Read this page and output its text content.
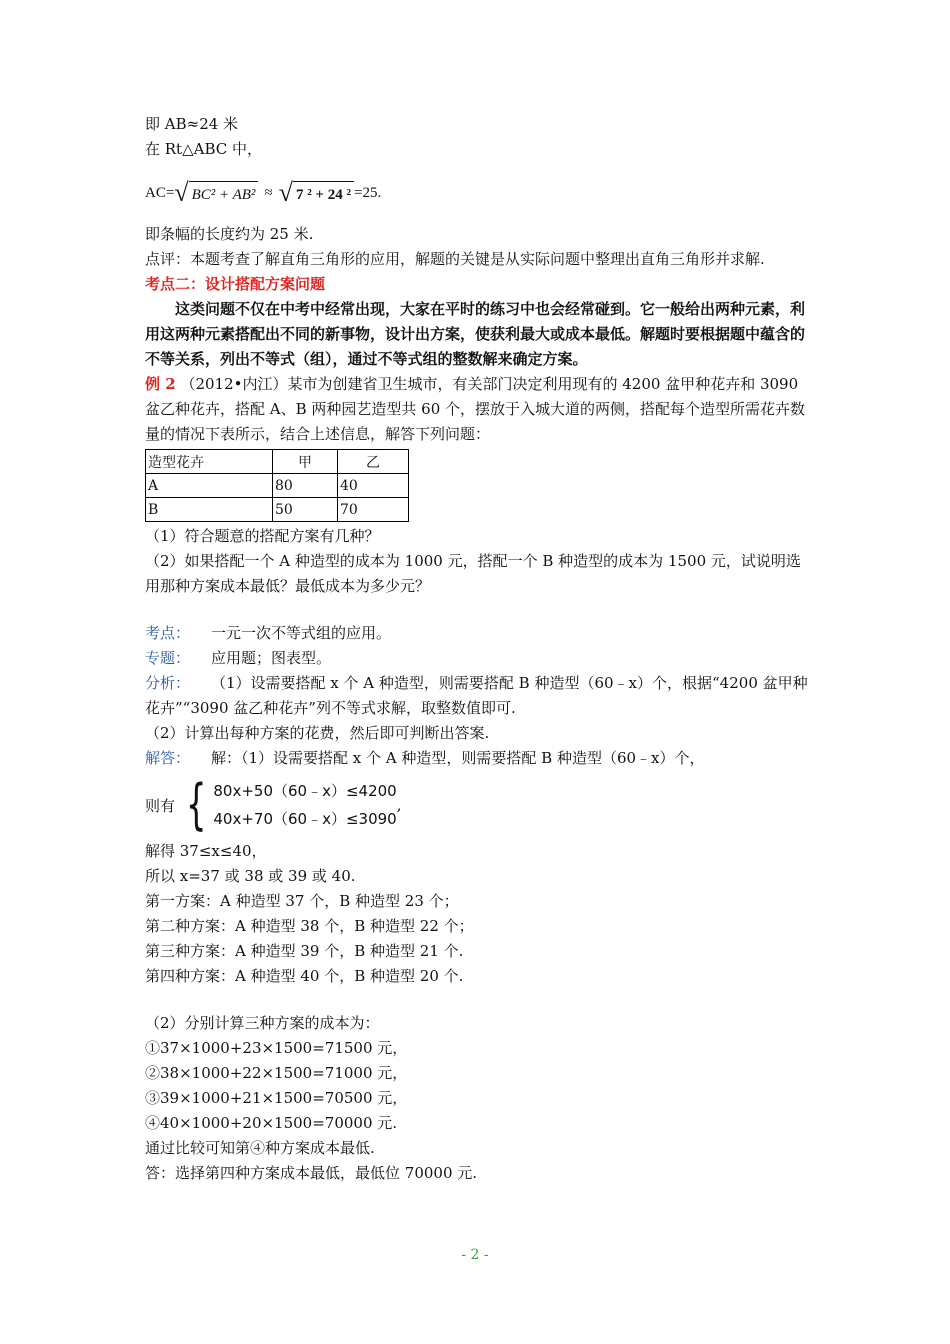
即 AB≈24 米
在 Rt△ABC 中，
AC= √ BC² + AB² ≈ √ 7 ² + 24 ² =25.
即条幅的长度约为 25 米.
点评：本题考查了解直角三角形的应用，解题的关键是从实际问题中整理出直角三角形并求解.
考点二：设计搭配方案问题
这类问题不仅在中考中经常出现，大家在平时的练习中也会经常碰到。它一般给出两种元素，利用这两种元素搭配出不同的新事物，设计出方案，使获利最大或成本最低。解题时要根据题中蕴含的不等关系，列出不等式（组），通过不等式组的整数解来确定方案。
例 2 （2012•内江）某市为创建省卫生城市，有关部门决定利用现有的 4200 盆甲种花卉和 3090 盆乙种花卉，搭配 A、B 两种园艺造型共 60 个，摆放于入城大道的两侧，搭配每个造型所需花卉数量的情况下表所示，结合上述信息，解答下列问题：
造型花卉	甲	乙
A	80	40
B	50	70
（1）符合题意的搭配方案有几种？
（2）如果搭配一个 A 种造型的成本为 1000 元，搭配一个 B 种造型的成本为 1500 元，试说明选用那种方案成本最低？最低成本为多少元？
考点： 一元一次不等式组的应用。
专题： 应用题；图表型。
分析： （1）设需要搭配 x 个 A 种造型，则需要搭配 B 种造型（60﹣x）个，根据“4200 盆甲种花卉”“3090 盆乙种花卉”列不等式求解，取整数值即可.
（2）计算出每种方案的花费，然后即可判断出答案.
解答： 解：（1）设需要搭配 x 个 A 种造型，则需要搭配 B 种造型（60﹣x）个，
则有 { 80x+50（60﹣x）≤4200
40x+70（60﹣x）≤3090
,
解得 37≤x≤40，
所以 x=37 或 38 或 39 或 40.
第一方案：A 种造型 37 个，B 种造型 23 个；
第二种方案：A 种造型 38 个，B 种造型 22 个；
第三种方案：A 种造型 39 个，B 种造型 21 个.
第四种方案：A 种造型 40 个，B 种造型 20 个.
（2）分别计算三种方案的成本为：
①37×1000+23×1500=71500 元，
②38×1000+22×1500=71000 元，
③39×1000+21×1500=70500 元，
④40×1000+20×1500=70000 元.
通过比较可知第④种方案成本最低.
答：选择第四种方案成本最低，最低位 70000 元.
- 2 -
